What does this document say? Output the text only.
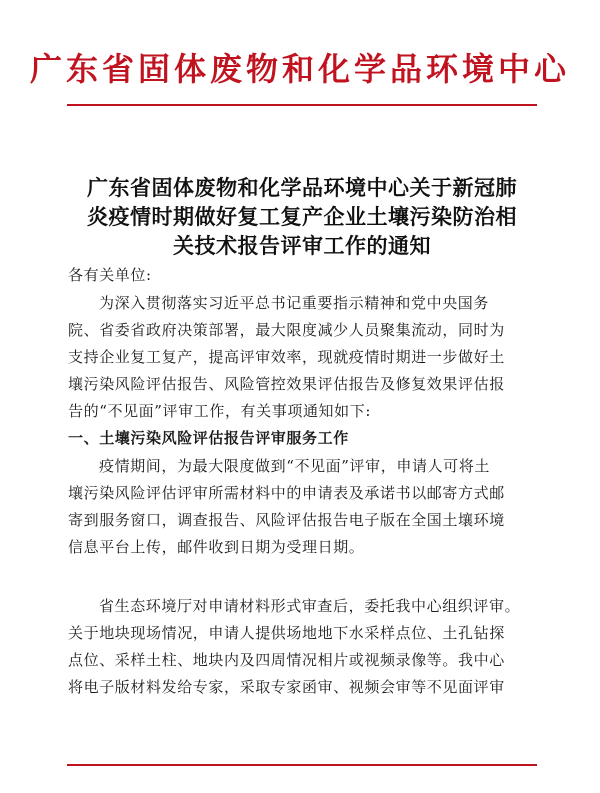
广东省固体废物和化学品环境中心
广东省固体废物和化学品环境中心关于新冠肺
炎疫情时期做好复工复产企业土壤污染防治相
关技术报告评审工作的通知

各有关单位:

为深入贯彻落实习近平总书记重要指示精神和党中央国务
院、省委省政府决策部署，最大限度减少人员聚集流动，同时为
支持企业复工复产，提高评审效率，现就疫情时期进一步做好土
壤污染风险评估报告、风险管控效果评估报告及修复效果评估报
告的“不见面”评审工作，有关事项通知如下:

一、土壤污染风险评估报告评审服务工作

疫情期间，为最大限度做到“不见面”评审，申请人可将土
壤污染风险评估评审所需材料中的申请表及承诺书以邮寄方式邮
寄到服务窗口，调查报告、风险评估报告电子版在全国土壤环境
信息平台上传，邮件收到日期为受理日期。

省生态环境厅对申请材料形式审查后，委托我中心组织评审。
关于地块现场情况，申请人提供场地地下水采样点位、土孔钻探
点位、采样土柱、地块内及四周情况相片或视频录像等。我中心
将电子版材料发给专家，采取专家函审、视频会审等不见面评审
